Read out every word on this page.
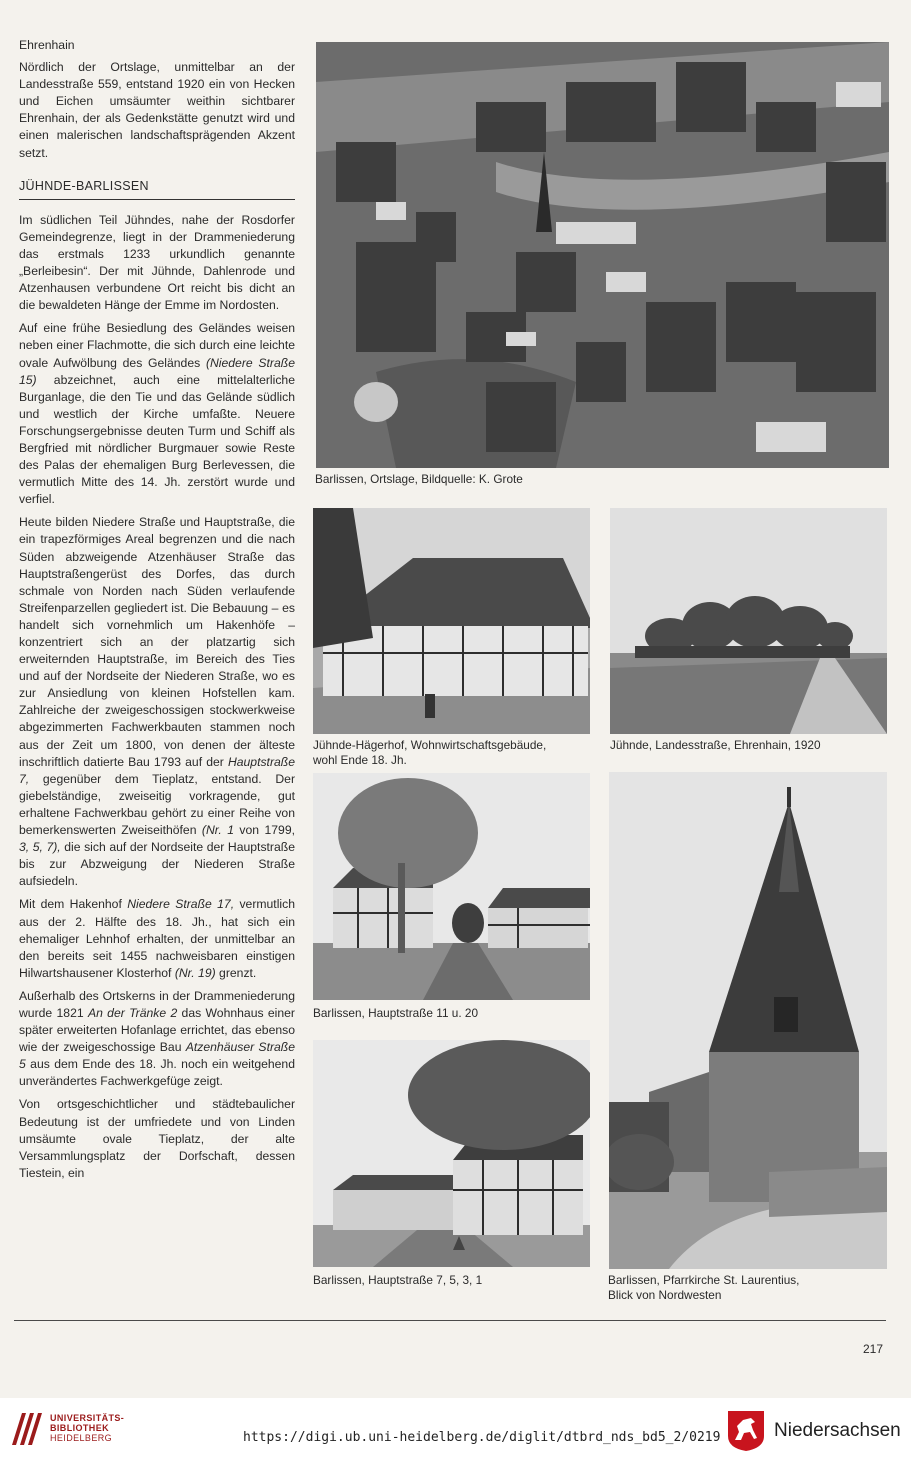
Ehrenhain

Nördlich der Ortslage, unmittelbar an der Landesstraße 559, entstand 1920 ein von Hecken und Eichen umsäumter weithin sichtbarer Ehrenhain, der als Gedenkstätte genutzt wird und einen malerischen landschaftsprägenden Akzent setzt.

JÜHNDE-BARLISSEN

Im südlichen Teil Jühndes, nahe der Rosdorfer Gemeindegrenze, liegt in der Drammeniederung das erstmals 1233 urkundlich genannte „Berleibesin“. Der mit Jühnde, Dahlenrode und Atzenhausen verbundene Ort reicht bis dicht an die bewaldeten Hänge der Emme im Nordosten.

Auf eine frühe Besiedlung des Geländes weisen neben einer Flachmotte, die sich durch eine leichte ovale Aufwölbung des Geländes (Niedere Straße 15) abzeichnet, auch eine mittelalterliche Burganlage, die den Tie und das Gelände südlich und westlich der Kirche umfaßte. Neuere Forschungsergebnisse deuten Turm und Schiff als Bergfried mit nördlicher Burgmauer sowie Reste des Palas der ehemaligen Burg Berlevessen, die vermutlich Mitte des 14. Jh. zerstört wurde und verfiel.

Heute bilden Niedere Straße und Hauptstraße, die ein trapezförmiges Areal begrenzen und die nach Süden abzweigende Atzenhäuser Straße das Hauptstraßengerüst des Dorfes, das durch schmale von Norden nach Süden verlaufende Streifenparzellen gegliedert ist. Die Bebauung – es handelt sich vornehmlich um Hakenhöfe – konzentriert sich an der platzartig sich erweiternden Hauptstraße, im Bereich des Ties und auf der Nordseite der Niederen Straße, wo es zur Ansiedlung von kleinen Hofstellen kam. Zahlreiche der zweigeschossigen stockwerkweise abgezimmerten Fachwerkbauten stammen noch aus der Zeit um 1800, von denen der älteste inschriftlich datierte Bau 1793 auf der Hauptstraße 7, gegenüber dem Tieplatz, entstand. Der giebelständige, zweiseitig vorkragende, gut erhaltene Fachwerkbau gehört zu einer Reihe von bemerkenswerten Zweiseithöfen (Nr. 1 von 1799, 3, 5, 7), die sich auf der Nordseite der Hauptstraße bis zur Abzweigung der Niederen Straße aufsiedeln.

Mit dem Hakenhof Niedere Straße 17, vermutlich aus der 2. Hälfte des 18. Jh., hat sich ein ehemaliger Lehnhof erhalten, der unmittelbar an den bereits seit 1455 nachweisbaren einstigen Hilwartshausener Klosterhof (Nr. 19) grenzt.

Außerhalb des Ortskerns in der Drammeniederung wurde 1821 An der Tränke 2 das Wohnhaus einer später erweiterten Hofanlage errichtet, das ebenso wie der zweigeschossige Bau Atzenhäuser Straße 5 aus dem Ende des 18. Jh. noch ein weitgehend unverändertes Fachwerkgefüge zeigt.

Von ortsgeschichtlicher und städtebaulicher Bedeutung ist der umfriedete und von Linden umsäumte ovale Tieplatz, der alte Versammlungsplatz der Dorfschaft, dessen Tiestein, ein

Barlissen, Ortslage, Bildquelle: K. Grote
Jühnde-Hägerhof, Wohnwirtschaftsgebäude,
wohl Ende 18. Jh.
Jühnde, Landesstraße, Ehrenhain, 1920
Barlissen, Hauptstraße 11 u. 20
Barlissen, Pfarrkirche St. Laurentius,
Blick von Nordwesten
Barlissen, Hauptstraße 7, 5, 3, 1
217
UNIVERSITÄTS-
BIBLIOTHEK
HEIDELBERG	https://digi.ub.uni-heidelberg.de/diglit/dtbrd_nds_bd5_2/0219	Niedersachsen
